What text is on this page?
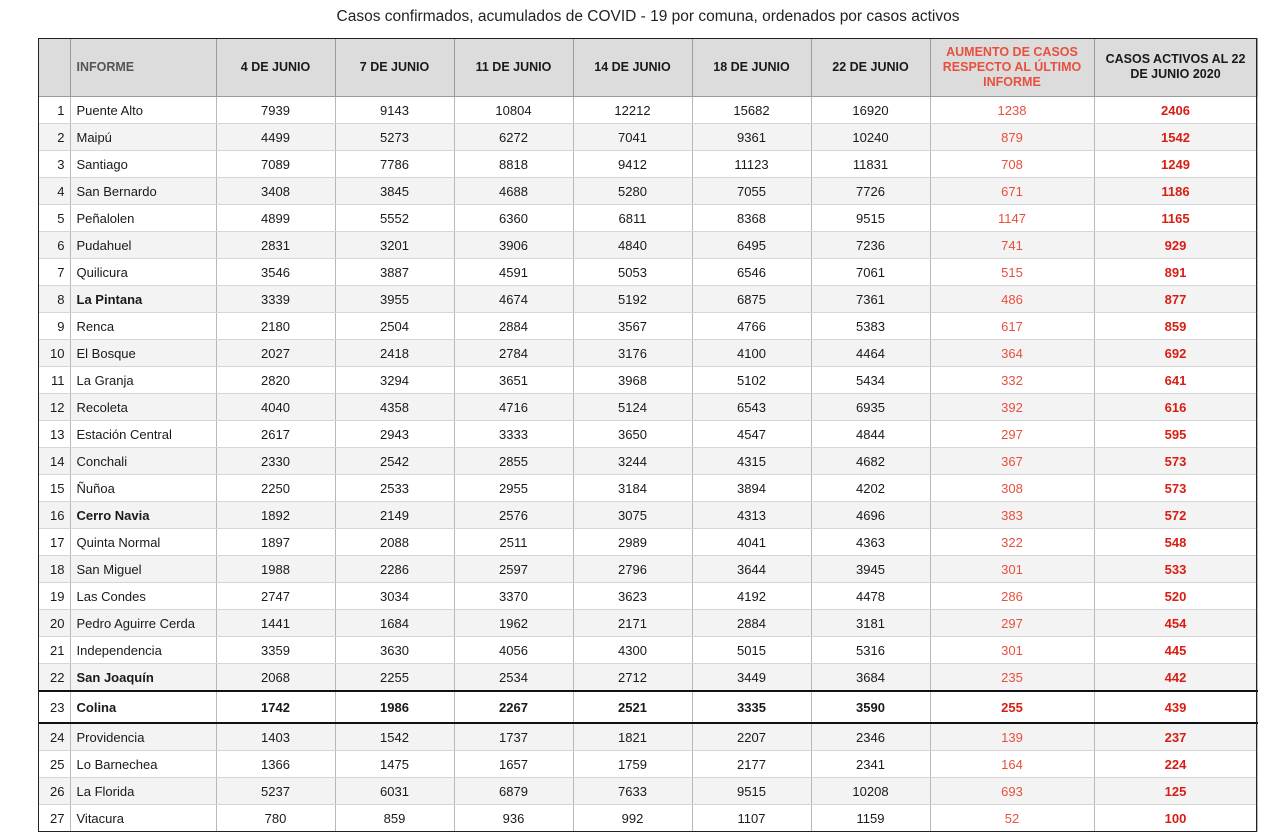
Casos confirmados, acumulados de COVID - 19 por comuna, ordenados por casos activos
	INFORME	4 DE JUNIO	7 DE JUNIO	11 DE JUNIO	14 DE JUNIO	18 DE JUNIO	22 DE JUNIO	AUMENTO DE CASOS RESPECTO AL ÚLTIMO INFORME	CASOS ACTIVOS AL 22 DE JUNIO 2020
1	Puente Alto	7939	9143	10804	12212	15682	16920	1238	2406
2	Maipú	4499	5273	6272	7041	9361	10240	879	1542
3	Santiago	7089	7786	8818	9412	11123	11831	708	1249
4	San Bernardo	3408	3845	4688	5280	7055	7726	671	1186
5	Peñalolen	4899	5552	6360	6811	8368	9515	1147	1165
6	Pudahuel	2831	3201	3906	4840	6495	7236	741	929
7	Quilicura	3546	3887	4591	5053	6546	7061	515	891
8	La Pintana	3339	3955	4674	5192	6875	7361	486	877
9	Renca	2180	2504	2884	3567	4766	5383	617	859
10	El Bosque	2027	2418	2784	3176	4100	4464	364	692
11	La Granja	2820	3294	3651	3968	5102	5434	332	641
12	Recoleta	4040	4358	4716	5124	6543	6935	392	616
13	Estación Central	2617	2943	3333	3650	4547	4844	297	595
14	Conchali	2330	2542	2855	3244	4315	4682	367	573
15	Ñuñoa	2250	2533	2955	3184	3894	4202	308	573
16	Cerro Navia	1892	2149	2576	3075	4313	4696	383	572
17	Quinta Normal	1897	2088	2511	2989	4041	4363	322	548
18	San Miguel	1988	2286	2597	2796	3644	3945	301	533
19	Las Condes	2747	3034	3370	3623	4192	4478	286	520
20	Pedro Aguirre Cerda	1441	1684	1962	2171	2884	3181	297	454
21	Independencia	3359	3630	4056	4300	5015	5316	301	445
22	San Joaquín	2068	2255	2534	2712	3449	3684	235	442
23	Colina	1742	1986	2267	2521	3335	3590	255	439
24	Providencia	1403	1542	1737	1821	2207	2346	139	237
25	Lo Barnechea	1366	1475	1657	1759	2177	2341	164	224
26	La Florida	5237	6031	6879	7633	9515	10208	693	125
27	Vitacura	780	859	936	992	1107	1159	52	100
